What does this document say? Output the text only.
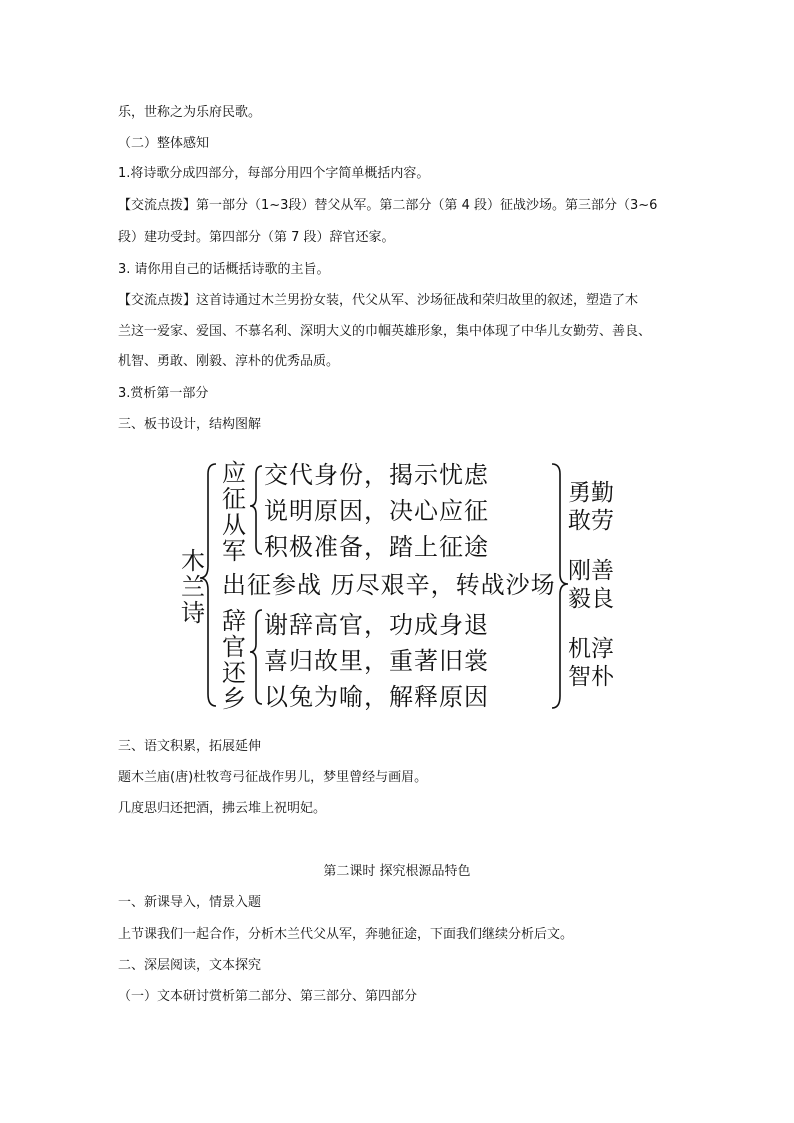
乐，世称之为乐府民歌。
（二）整体感知
1.将诗歌分成四部分，每部分用四个字简单概括内容。
【交流点拨】第一部分（1~3段）替父从军。第二部分（第 4 段）征战沙场。第三部分（3~6
段）建功受封。第四部分（第 7 段）辞官还家。
3. 请你用自己的话概括诗歌的主旨。
【交流点拨】这首诗通过木兰男扮女装，代父从军、沙场征战和荣归故里的叙述，塑造了木
兰这一爱家、爱国、不慕名利、深明大义的巾帼英雄形象，集中体现了中华儿女勤劳、善良、
机智、勇敢、刚毅、淳朴的优秀品质。
3.赏析第一部分
三、板书设计，结构图解
木兰诗
应征从军
交代身份，揭示忧虑
说明原因，决心应征
积极准备，踏上征途
出征参战 历尽艰辛，转战沙场
辞官还乡
谢辞高官，功成身退
喜归故里，重著旧裳
以兔为喻，解释原因
勇勤
敢劳
刚善
毅良
机淳
智朴
三、语文积累，拓展延伸
题木兰庙(唐)杜牧弯弓征战作男儿，梦里曾经与画眉。
几度思归还把酒，拂云堆上祝明妃。
第二课时 探究根源品特色
一、新课导入，情景入题
上节课我们一起合作，分析木兰代父从军，奔驰征途，下面我们继续分析后文。
二、深层阅读，文本探究
（一）文本研讨赏析第二部分、第三部分、第四部分
